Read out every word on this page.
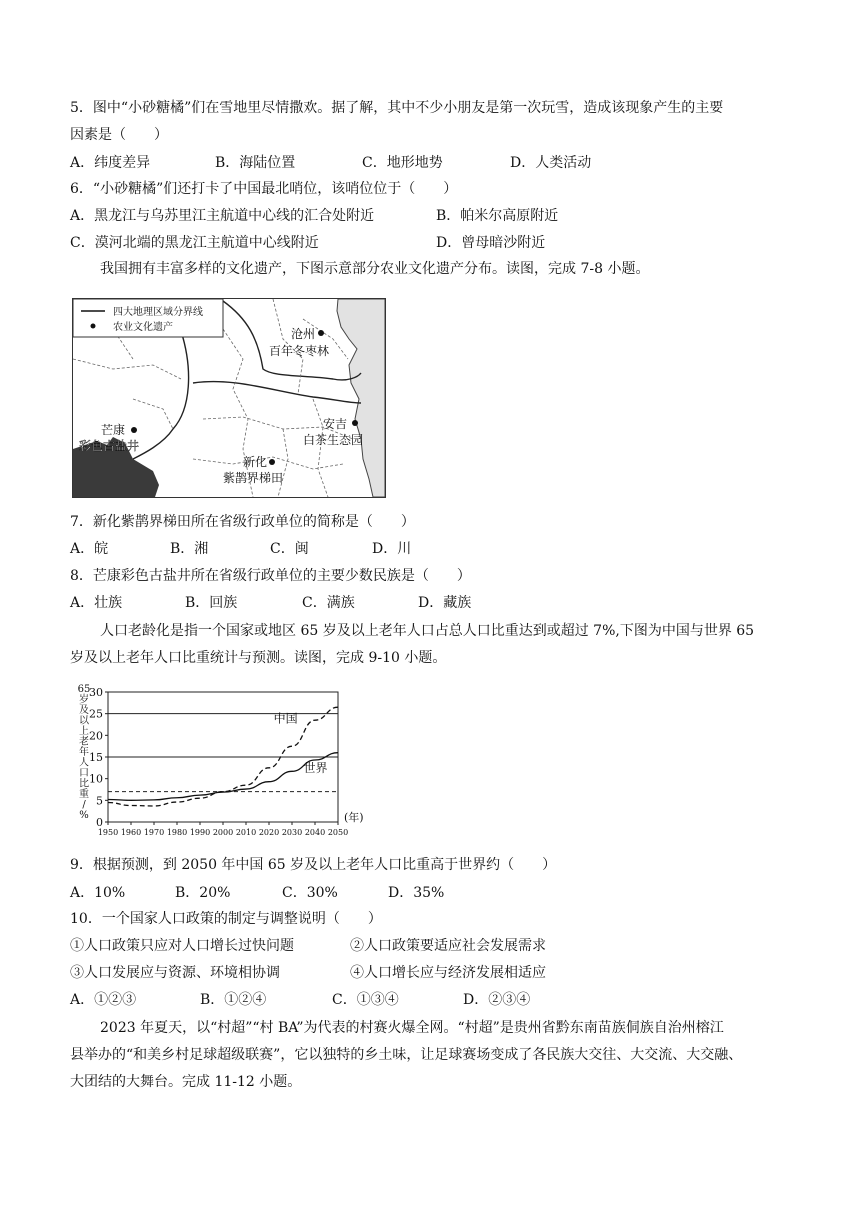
5．图中“小砂糖橘”们在雪地里尽情撒欢。据了解，其中不少小朋友是第一次玩雪，造成该现象产生的主要
因素是（　　）
A．纬度差异	B．海陆位置	C．地形地势	D．人类活动
6．“小砂糖橘”们还打卡了中国最北哨位，该哨位位于（　　）
A．黑龙江与乌苏里江主航道中心线的汇合处附近	B．帕米尔高原附近
C．漠河北端的黑龙江主航道中心线附近	D．曾母暗沙附近
我国拥有丰富多样的文化遗产，下图示意部分农业文化遗产分布。读图，完成 7-8 小题。
四大地理区域分界线
农业文化遗产	沧州
百年冬枣林
安吉
白茶生态园
芒康
彩色古盐井
新化
紫鹊界梯田
7．新化紫鹊界梯田所在省级行政单位的简称是（　　）
A．皖	B．湘	C．闽	D．川
8．芒康彩色古盐井所在省级行政单位的主要少数民族是（　　）
A．壮族	B．回族	C．满族	D．藏族
人口老龄化是指一个国家或地区 65 岁及以上老年人口占总人口比重达到或超过 7%,下图为中国与世界 65
岁及以上老年人口比重统计与预测。读图，完成 9-10 小题。
0
5
10
15
20
25
30
1950 1960 1970 1980 1990 2000 2010 2020 2030 2040 2050
(年)
65
岁
及
以
上
老
年
人
口
比
重
/
%
中国
世界
9．根据预测，到 2050 年中国 65 岁及以上老年人口比重高于世界约（　　）
A．10%	B．20%	C．30%	D．35%
10．一个国家人口政策的制定与调整说明（　　）
①人口政策只应对人口增长过快问题	②人口政策要适应社会发展需求
③人口发展应与资源、环境相协调	④人口增长应与经济发展相适应
A．①②③	B．①②④	C．①③④	D．②③④
2023 年夏天，以“村超”“村 BA”为代表的村赛火爆全网。“村超”是贵州省黔东南苗族侗族自治州榕江
县举办的“和美乡村足球超级联赛”，它以独特的乡土味，让足球赛场变成了各民族大交往、大交流、大交融、
大团结的大舞台。完成 11-12 小题。
